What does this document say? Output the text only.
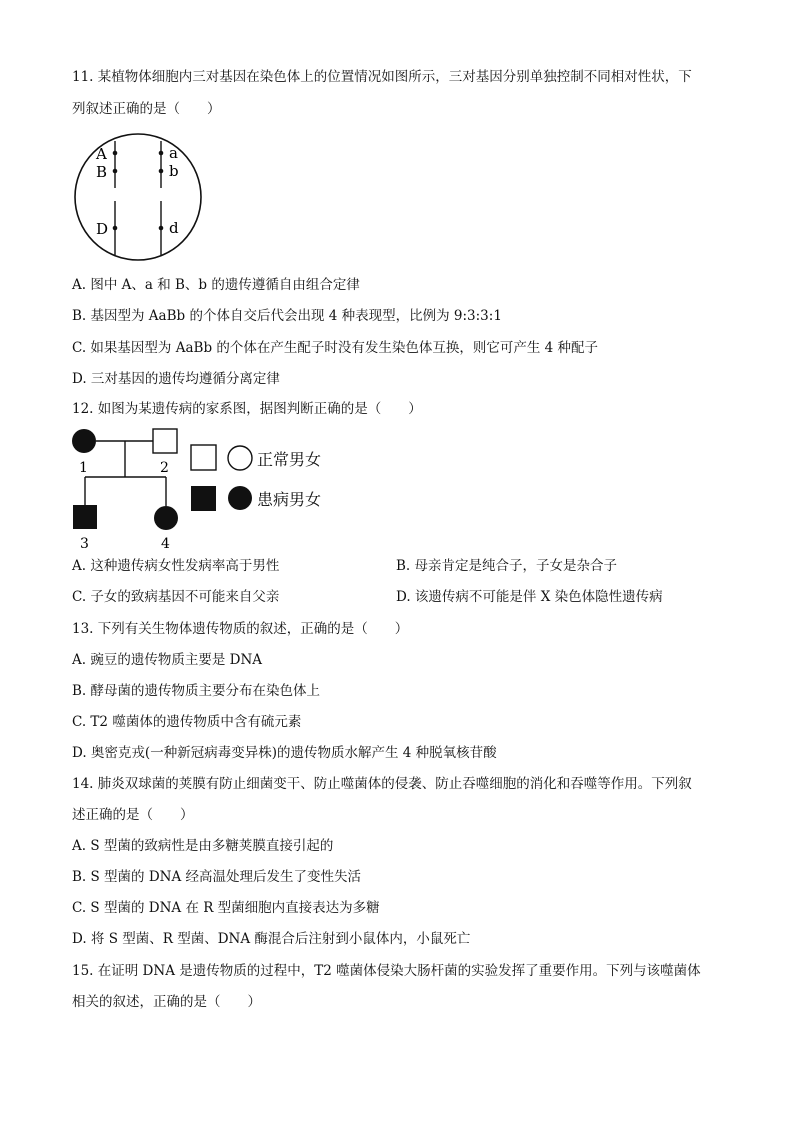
11. 某植物体细胞内三对基因在染色体上的位置情况如图所示，三对基因分别单独控制不同相对性状，下
列叙述正确的是（　　）
A
B
D
a
b
d
A. 图中 A、a 和 B、b 的遗传遵循自由组合定律
B. 基因型为 AaBb 的个体自交后代会出现 4 种表现型，比例为 9:3:3:1
C. 如果基因型为 AaBb 的个体在产生配子时没有发生染色体互换，则它可产生 4 种配子
D. 三对基因的遗传均遵循分离定律
12. 如图为某遗传病的家系图，据图判断正确的是（　　）
1	2
3	4
正常男女
患病男女
A. 这种遗传病女性发病率高于男性	B. 母亲肯定是纯合子，子女是杂合子
C. 子女的致病基因不可能来自父亲	D. 该遗传病不可能是伴 X 染色体隐性遗传病
13. 下列有关生物体遗传物质的叙述，正确的是（　　）
A. 豌豆的遗传物质主要是 DNA
B. 酵母菌的遗传物质主要分布在染色体上
C. T2 噬菌体的遗传物质中含有硫元素
D. 奥密克戎(一种新冠病毒变异株)的遗传物质水解产生 4 种脱氧核苷酸
14. 肺炎双球菌的荚膜有防止细菌变干、防止噬菌体的侵袭、防止吞噬细胞的消化和吞噬等作用。下列叙
述正确的是（　　）
A. S 型菌的致病性是由多糖荚膜直接引起的
B. S 型菌的 DNA 经高温处理后发生了变性失活
C. S 型菌的 DNA 在 R 型菌细胞内直接表达为多糖
D. 将 S 型菌、R 型菌、DNA 酶混合后注射到小鼠体内，小鼠死亡
15. 在证明 DNA 是遗传物质的过程中，T2 噬菌体侵染大肠杆菌的实验发挥了重要作用。下列与该噬菌体
相关的叙述，正确的是（　　）
